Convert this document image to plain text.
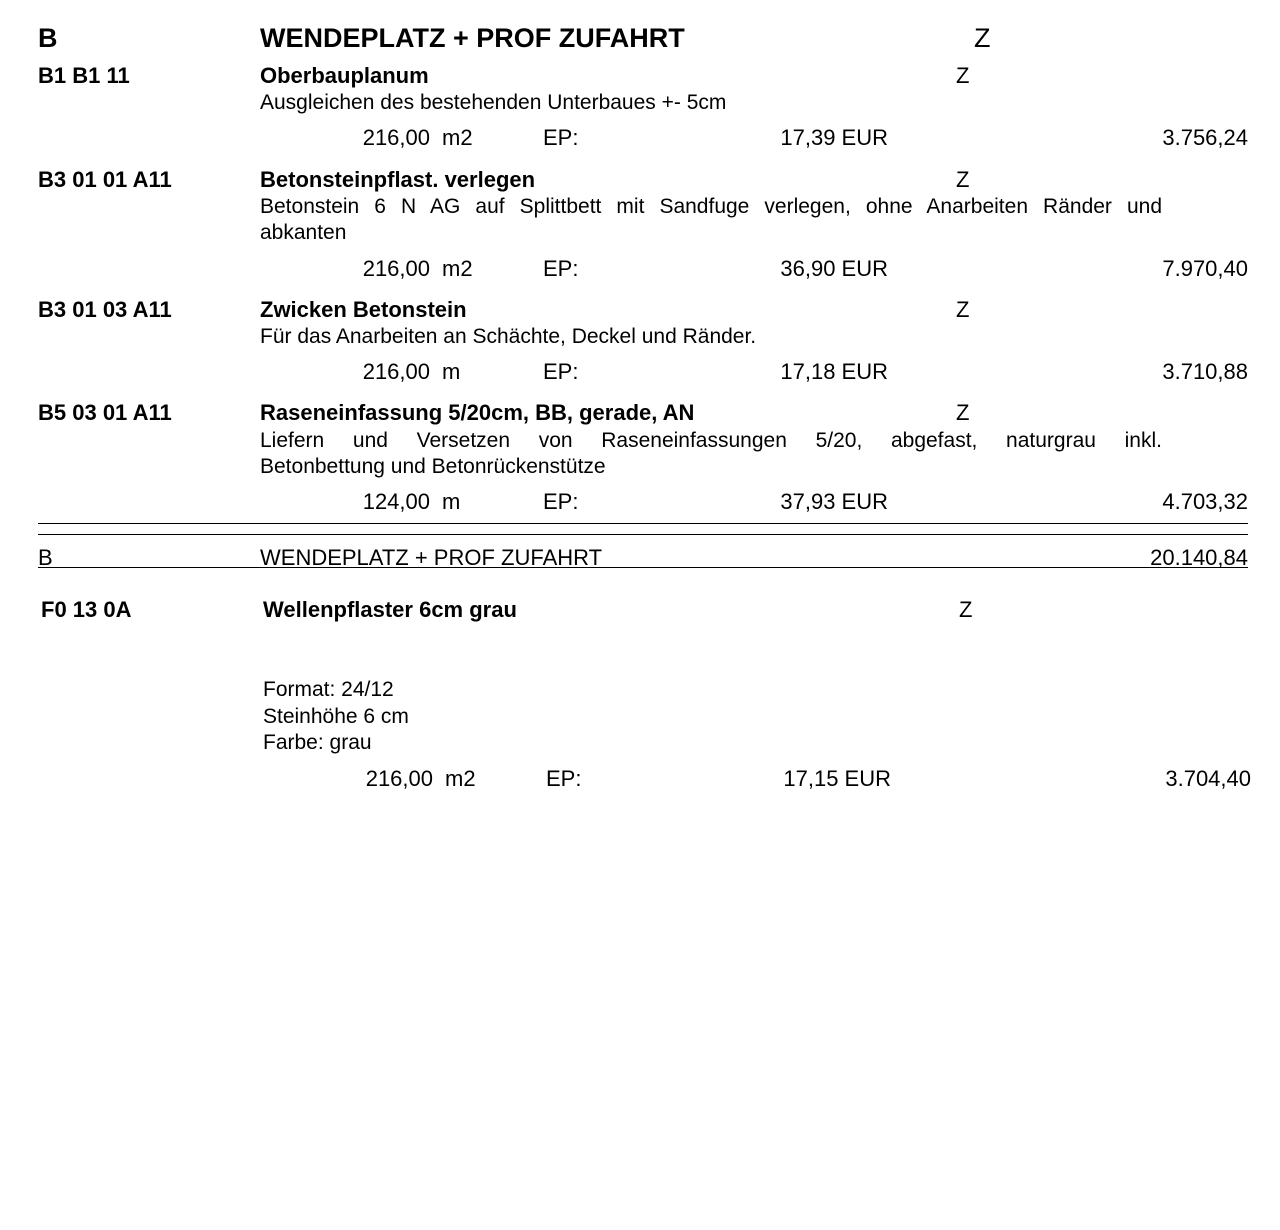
B	WENDEPLATZ + PROF ZUFAHRT	Z
B1 B1 11	Oberbauplanum	Z
Ausgleichen des bestehenden Unterbaues +- 5cm
216,00 m2	EP:	17,39 EUR	3.756,24
B3 01 01 A11	Betonsteinpflast. verlegen	Z
Betonstein 6 N AG auf Splittbett mit Sandfuge verlegen, ohne Anarbeiten Ränder und
abkanten
216,00 m2	EP:	36,90 EUR	7.970,40
B3 01 03 A11	Zwicken Betonstein	Z
Für das Anarbeiten an Schächte, Deckel und Ränder.
216,00 m	EP:	17,18 EUR	3.710,88
B5 03 01 A11	Raseneinfassung 5/20cm, BB, gerade, AN	Z
Liefern und Versetzen von Raseneinfassungen 5/20, abgefast, naturgrau inkl.
Betonbettung und Betonrückenstütze
124,00 m	EP:	37,93 EUR	4.703,32
B	WENDEPLATZ + PROF ZUFAHRT	20.140,84
F0 13 0A	Wellenpflaster 6cm grau	Z
Format: 24/12
Steinhöhe 6 cm
Farbe: grau
216,00 m2	EP:	17,15 EUR	3.704,40
